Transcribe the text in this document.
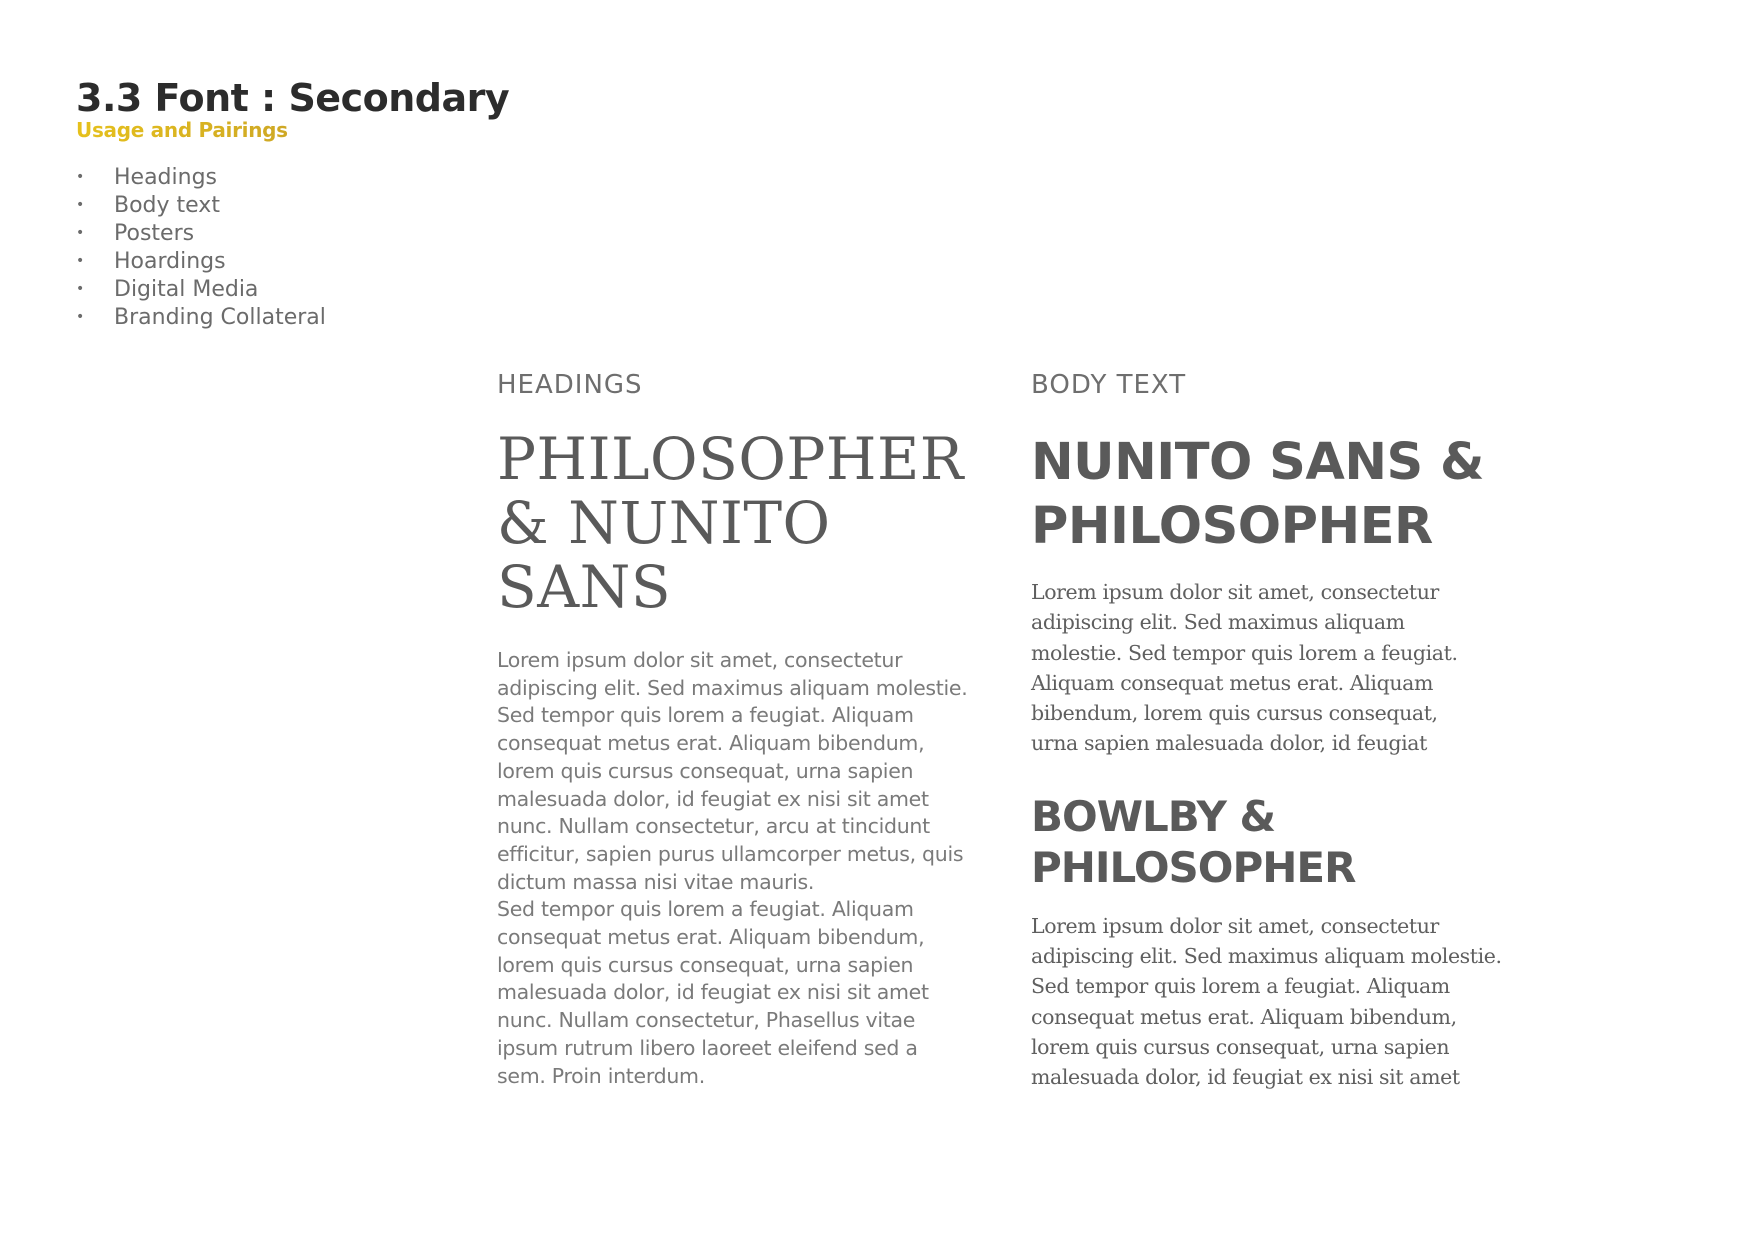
3.3 Font : Secondary
Usage and Pairings
•	Headings
•	Body text
•	Posters
•	Hoardings
•	Digital Media
•	Branding Collateral
HEADINGS
PHILOSOPHER
& NUNITO
SANS
Lorem ipsum dolor sit amet, consectetur
adipiscing elit. Sed maximus aliquam molestie.
Sed tempor quis lorem a feugiat. Aliquam
consequat metus erat. Aliquam bibendum,
lorem quis cursus consequat, urna sapien
malesuada dolor, id feugiat ex nisi sit amet
nunc. Nullam consectetur, arcu at tincidunt
efficitur, sapien purus ullamcorper metus, quis
dictum massa nisi vitae mauris.
Sed tempor quis lorem a feugiat. Aliquam
consequat metus erat. Aliquam bibendum,
lorem quis cursus consequat, urna sapien
malesuada dolor, id feugiat ex nisi sit amet
nunc. Nullam consectetur, Phasellus vitae
ipsum rutrum libero laoreet eleifend sed a
sem. Proin interdum.
BODY TEXT
NUNITO SANS &
PHILOSOPHER
Lorem ipsum dolor sit amet, consectetur
adipiscing elit. Sed maximus aliquam
molestie. Sed tempor quis lorem a feugiat.
Aliquam consequat metus erat. Aliquam
bibendum, lorem quis cursus consequat,
urna sapien malesuada dolor, id feugiat
BOWLBY &
PHILOSOPHER
Lorem ipsum dolor sit amet, consectetur
adipiscing elit. Sed maximus aliquam molestie.
Sed tempor quis lorem a feugiat. Aliquam
consequat metus erat. Aliquam bibendum,
lorem quis cursus consequat, urna sapien
malesuada dolor, id feugiat ex nisi sit amet
